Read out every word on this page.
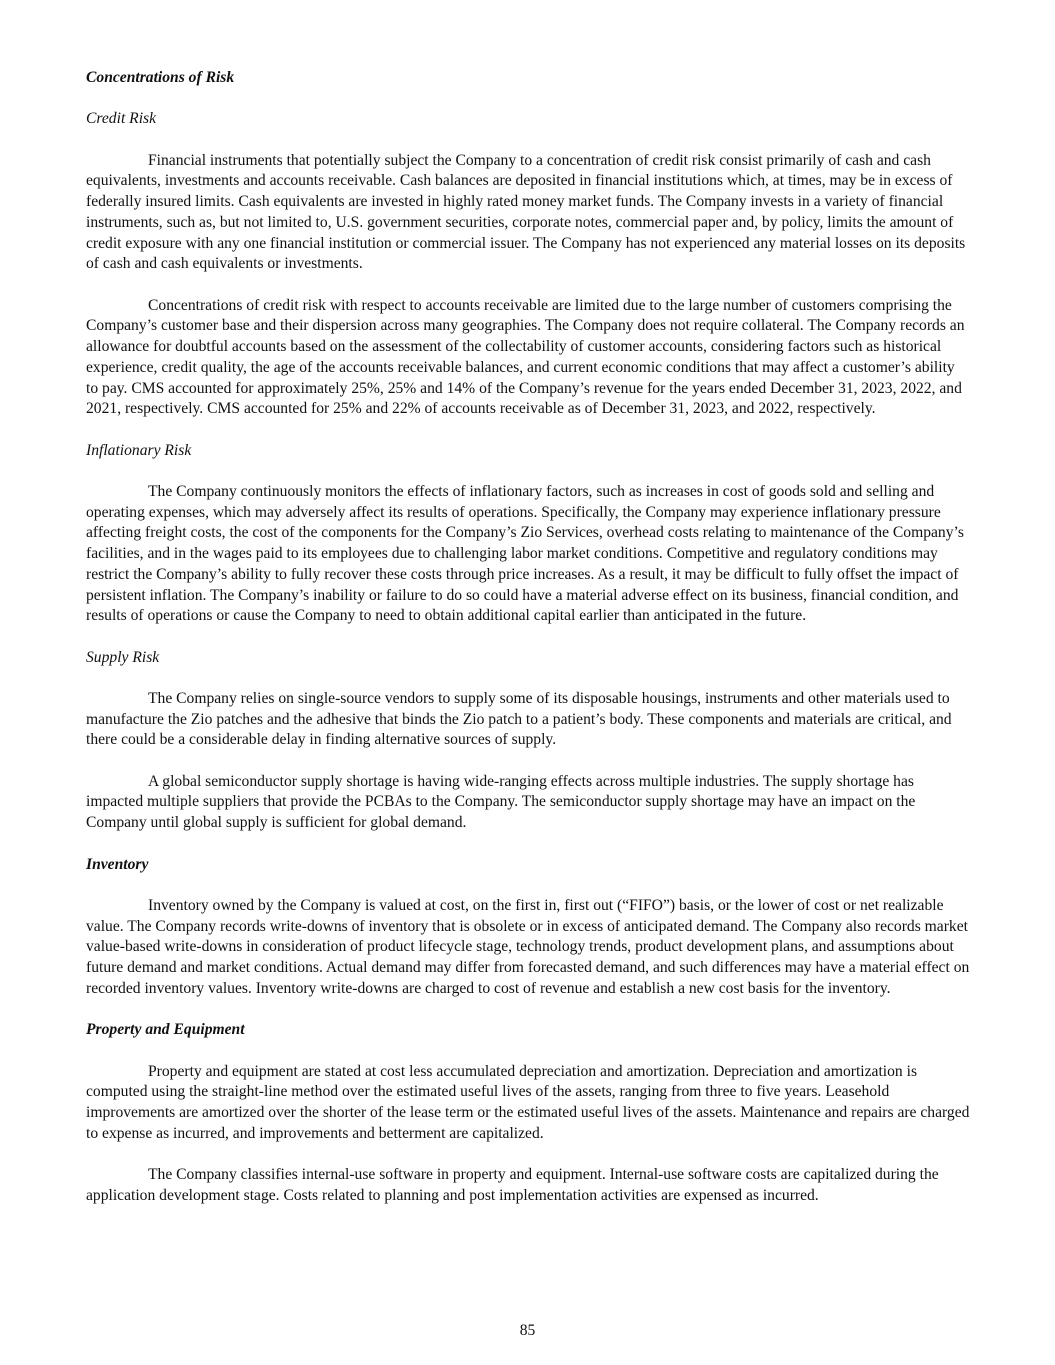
Concentrations of Risk

Credit Risk

Financial instruments that potentially subject the Company to a concentration of credit risk consist primarily of cash and cash equivalents, investments and accounts receivable. Cash balances are deposited in financial institutions which, at times, may be in excess of federally insured limits. Cash equivalents are invested in highly rated money market funds. The Company invests in a variety of financial instruments, such as, but not limited to, U.S. government securities, corporate notes, commercial paper and, by policy, limits the amount of credit exposure with any one financial institution or commercial issuer. The Company has not experienced any material losses on its deposits of cash and cash equivalents or investments.

Concentrations of credit risk with respect to accounts receivable are limited due to the large number of customers comprising the Company’s customer base and their dispersion across many geographies. The Company does not require collateral. The Company records an allowance for doubtful accounts based on the assessment of the collectability of customer accounts, considering factors such as historical experience, credit quality, the age of the accounts receivable balances, and current economic conditions that may affect a customer’s ability to pay. CMS accounted for approximately 25%, 25% and 14% of the Company’s revenue for the years ended December 31, 2023, 2022, and 2021, respectively. CMS accounted for 25% and 22% of accounts receivable as of December 31, 2023, and 2022, respectively.

Inflationary Risk

The Company continuously monitors the effects of inflationary factors, such as increases in cost of goods sold and selling and operating expenses, which may adversely affect its results of operations. Specifically, the Company may experience inflationary pressure affecting freight costs, the cost of the components for the Company’s Zio Services, overhead costs relating to maintenance of the Company’s facilities, and in the wages paid to its employees due to challenging labor market conditions. Competitive and regulatory conditions may restrict the Company’s ability to fully recover these costs through price increases. As a result, it may be difficult to fully offset the impact of persistent inflation. The Company’s inability or failure to do so could have a material adverse effect on its business, financial condition, and results of operations or cause the Company to need to obtain additional capital earlier than anticipated in the future.

Supply Risk

The Company relies on single-source vendors to supply some of its disposable housings, instruments and other materials used to manufacture the Zio patches and the adhesive that binds the Zio patch to a patient’s body. These components and materials are critical, and there could be a considerable delay in finding alternative sources of supply.

A global semiconductor supply shortage is having wide-ranging effects across multiple industries. The supply shortage has impacted multiple suppliers that provide the PCBAs to the Company. The semiconductor supply shortage may have an impact on the Company until global supply is sufficient for global demand.

Inventory

Inventory owned by the Company is valued at cost, on the first in, first out (“FIFO”) basis, or the lower of cost or net realizable value. The Company records write-downs of inventory that is obsolete or in excess of anticipated demand. The Company also records market value-based write-downs in consideration of product lifecycle stage, technology trends, product development plans, and assumptions about future demand and market conditions. Actual demand may differ from forecasted demand, and such differences may have a material effect on recorded inventory values. Inventory write-downs are charged to cost of revenue and establish a new cost basis for the inventory.

Property and Equipment

Property and equipment are stated at cost less accumulated depreciation and amortization. Depreciation and amortization is computed using the straight-line method over the estimated useful lives of the assets, ranging from three to five years. Leasehold improvements are amortized over the shorter of the lease term or the estimated useful lives of the assets. Maintenance and repairs are charged to expense as incurred, and improvements and betterment are capitalized.

The Company classifies internal-use software in property and equipment. Internal-use software costs are capitalized during the application development stage. Costs related to planning and post implementation activities are expensed as incurred.

85
